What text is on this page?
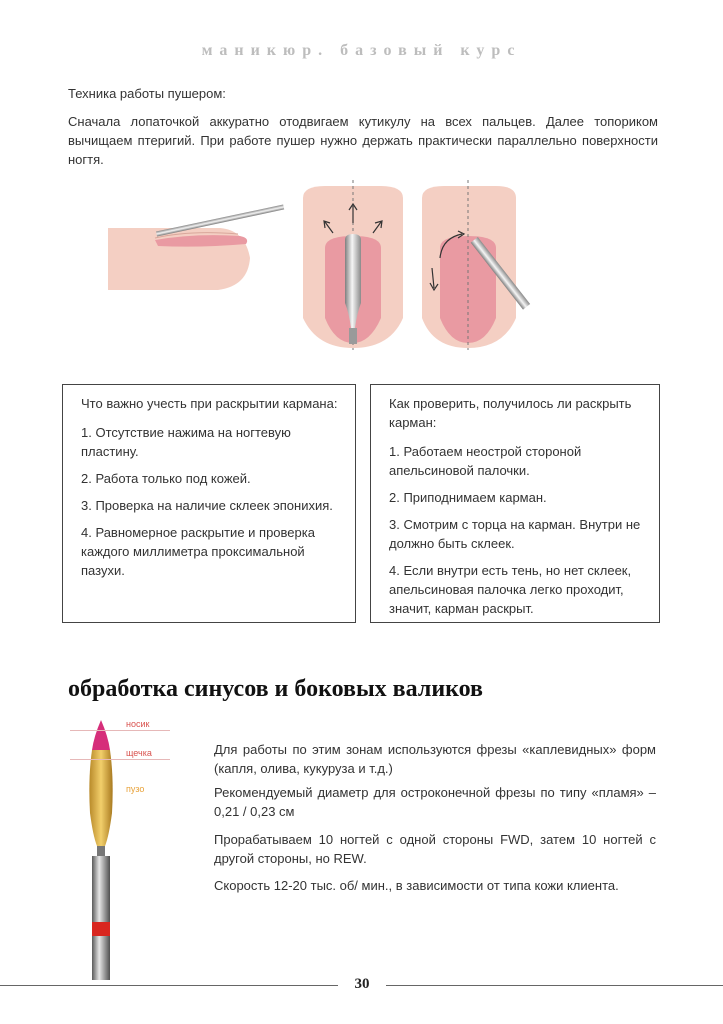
маникюр. базовый курс
Техника работы пушером:
Сначала лопаточкой аккуратно отодвигаем кутикулу на всех пальцев. Далее топориком вычищаем птеригий. При работе пушер нужно держать практически параллельно поверхности ногтя.

Что важно учесть при раскрытии кармана:

1. Отсутствие нажима на ногтевую пластину.

2. Работа только под кожей.

3. Проверка на наличие склеек эпонихия.

4. Равномерное раскрытие и проверка каждого миллиметра проксимальной пазухи.

Как проверить, получилось ли раскрыть карман:

1. Работаем неострой стороной апельсиновой палочки.

2. Приподнимаем карман.

3. Смотрим с торца на карман. Внутри не должно быть склеек.

4. Если внутри есть тень, но нет склеек, апельсиновая палочка легко проходит, значит, карман раскрыт.

обработка синусов и боковых валиков
носик
щечка
пузо
Для работы по этим зонам используются фрезы «каплевидных» форм (капля, олива, кукуруза и т.д.)
Рекомендуемый диаметр для остроконечной фрезы по типу «пламя» – 0,21 / 0,23 см
Прорабатываем 10 ногтей с одной стороны FWD, затем 10 ногтей с другой стороны, но REW.
Скорость 12-20 тыс. об/ мин., в зависимости от типа кожи клиента.
30
